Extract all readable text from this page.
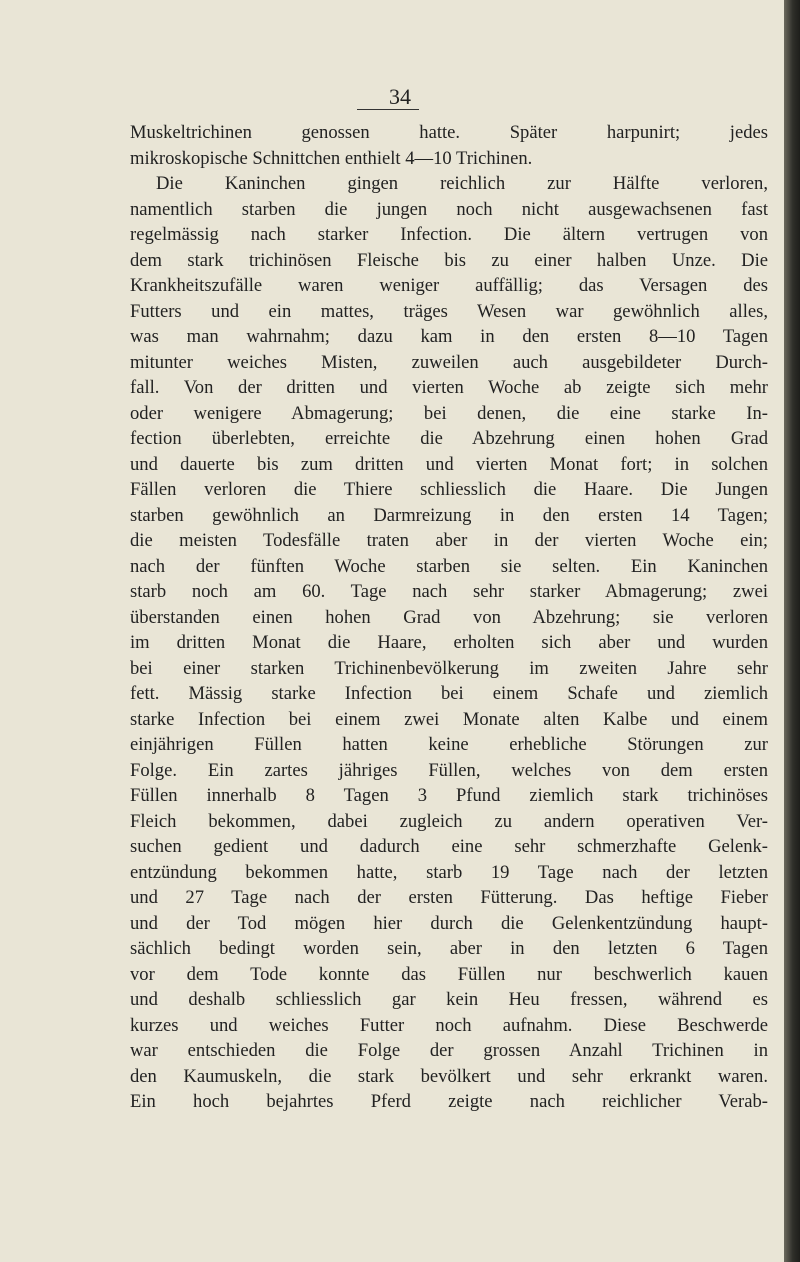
34
Muskeltrichinen genossen hatte. Später harpunirt; jedes
mikroskopische Schnittchen enthielt 4—10 Trichinen.
Die Kaninchen gingen reichlich zur Hälfte verloren,
namentlich starben die jungen noch nicht ausgewachsenen fast
regelmässig nach starker Infection. Die ältern vertrugen von
dem stark trichinösen Fleische bis zu einer halben Unze. Die
Krankheitszufälle waren weniger auffällig; das Versagen des
Futters und ein mattes, träges Wesen war gewöhnlich alles,
was man wahrnahm; dazu kam in den ersten 8—10 Tagen
mitunter weiches Misten, zuweilen auch ausgebildeter Durch-
fall. Von der dritten und vierten Woche ab zeigte sich mehr
oder wenigere Abmagerung; bei denen, die eine starke In-
fection überlebten, erreichte die Abzehrung einen hohen Grad
und dauerte bis zum dritten und vierten Monat fort; in solchen
Fällen verloren die Thiere schliesslich die Haare. Die Jungen
starben gewöhnlich an Darmreizung in den ersten 14 Tagen;
die meisten Todesfälle traten aber in der vierten Woche ein;
nach der fünften Woche starben sie selten. Ein Kaninchen
starb noch am 60. Tage nach sehr starker Abmagerung; zwei
überstanden einen hohen Grad von Abzehrung; sie verloren
im dritten Monat die Haare, erholten sich aber und wurden
bei einer starken Trichinenbevölkerung im zweiten Jahre sehr
fett. Mässig starke Infection bei einem Schafe und ziemlich
starke Infection bei einem zwei Monate alten Kalbe und einem
einjährigen Füllen hatten keine erhebliche Störungen zur
Folge. Ein zartes jähriges Füllen, welches von dem ersten
Füllen innerhalb 8 Tagen 3 Pfund ziemlich stark trichinöses
Fleich bekommen, dabei zugleich zu andern operativen Ver-
suchen gedient und dadurch eine sehr schmerzhafte Gelenk-
entzündung bekommen hatte, starb 19 Tage nach der letzten
und 27 Tage nach der ersten Fütterung. Das heftige Fieber
und der Tod mögen hier durch die Gelenkentzündung haupt-
sächlich bedingt worden sein, aber in den letzten 6 Tagen
vor dem Tode konnte das Füllen nur beschwerlich kauen
und deshalb schliesslich gar kein Heu fressen, während es
kurzes und weiches Futter noch aufnahm. Diese Beschwerde
war entschieden die Folge der grossen Anzahl Trichinen in
den Kaumuskeln, die stark bevölkert und sehr erkrankt waren.
Ein hoch bejahrtes Pferd zeigte nach reichlicher Verab-
